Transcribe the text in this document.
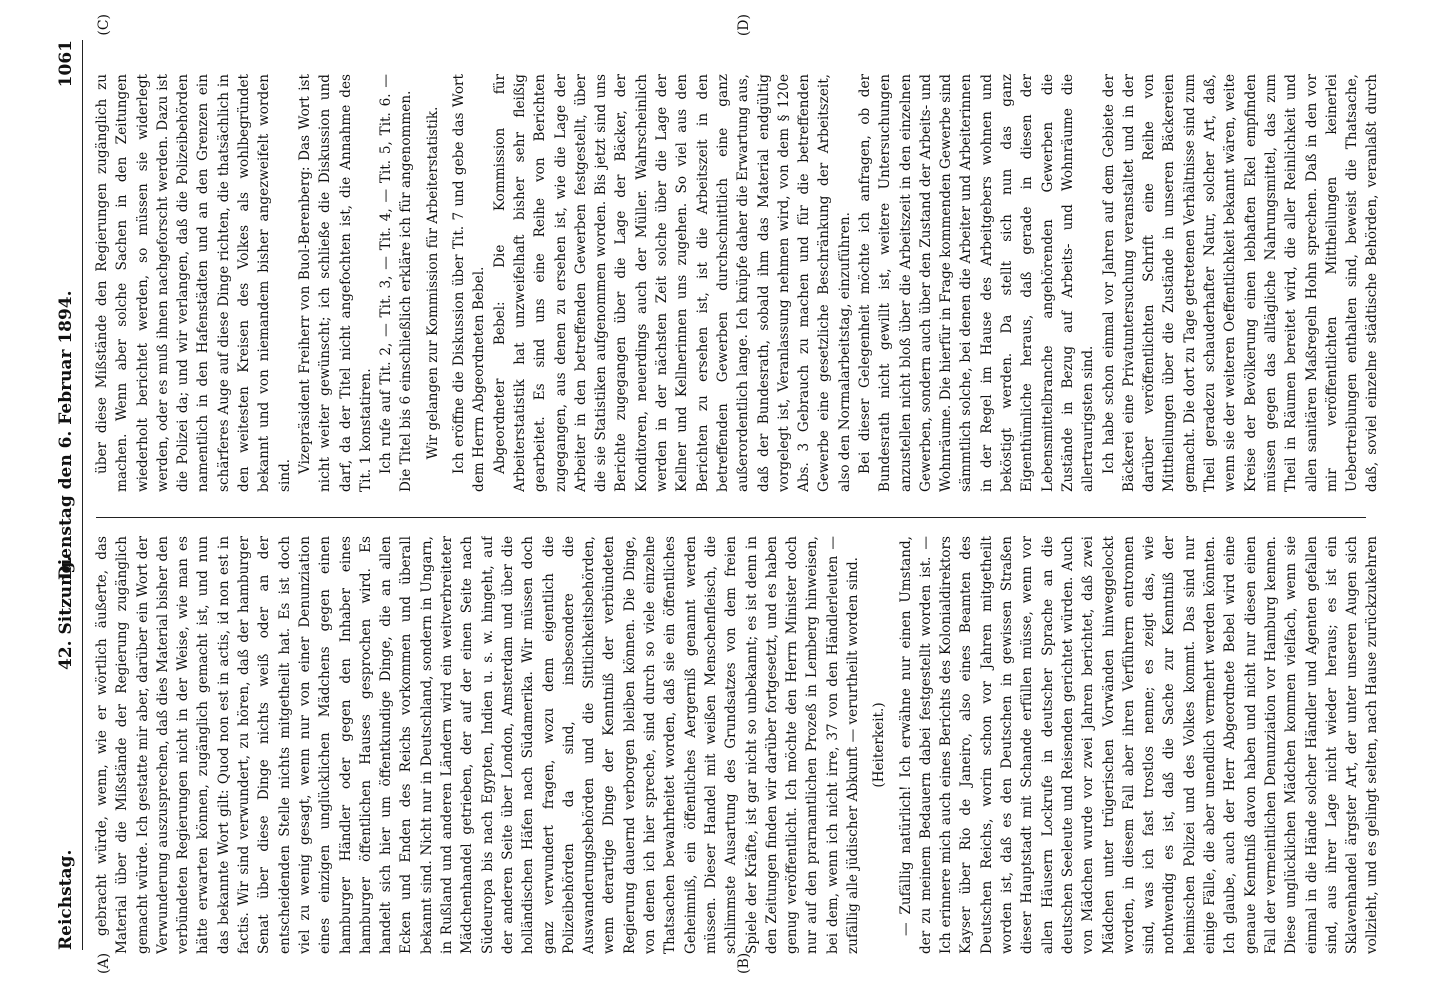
Reichstag.
42. Sitzung.
Dienstag den 6. Februar 1894.
1061
(A)	(B)

gebracht würde, wenn, wie er wörtlich äußerte, das Material über die Mißstände der Regierung zugänglich gemacht würde. Ich gestatte mir aber, darüber ein Wort der Verwunderung auszusprechen, daß dies Material bisher den verbündeten Regierungen nicht in der Weise, wie man es hätte erwarten können, zugänglich gemacht ist, und nun das bekannte Wort gilt: Quod non est in actis, id non est in factis. Wir sind verwundert, zu hören, daß der hamburger Senat über diese Dinge nichts weiß oder an der entscheidenden Stelle nichts mitgetheilt hat. Es ist doch viel zu wenig gesagt, wenn nur von einer Denunziation eines einzigen unglücklichen Mädchens gegen einen hamburger Händler oder gegen den Inhaber eines hamburger öffentlichen Hauses gesprochen wird. Es handelt sich hier um öffentkundige Dinge, die an allen Ecken und Enden des Reichs vorkommen und überall bekannt sind. Nicht nur in Deutschland, sondern in Ungarn, in Rußland und anderen Ländern wird ein weitverbreiteter Mädchenhandel getrieben, der auf der einen Seite nach Südeuropa bis nach Egypten, Indien u. s. w. hingeht, auf der anderen Seite über London, Amsterdam und über die holländischen Häfen nach Südamerika. Wir müssen doch ganz verwundert fragen, wozu denn eigentlich die Polizeibehörden da sind, insbesondere die Auswanderungsbehörden und die Sittlichkeitsbehörden, wenn derartige Dinge der Kenntniß der verbündeten Regierung dauernd verborgen bleiben können. Die Dinge, von denen ich hier spreche, sind durch so viele einzelne Thatsachen bewahrheitet worden, daß sie ein öffentliches Geheimniß, ein öffentliches Aergerniß genannt werden müssen. Dieser Handel mit weißen Menschenfleisch, die schlimmste Ausartung des Grundsatzes von dem freien Spiele der Kräfte, ist gar nicht so unbekannt; es ist denn in den Zeitungen finden wir darüber fortgesetzt, und es haben genug veröffentlicht. Ich möchte den Herrn Minister doch nur auf den prarnamtlichen Prozeß in Lemberg hinweisen, bei dem, wenn ich nicht irre, 37 von den Händlerleuten — zufällig alle jüdischer Abkunft — verurtheilt worden sind. (Heiterkeit.)

— Zufällig natürlich! Ich erwähne nur einen Umstand, der zu meinem Bedauern dabei festgestellt worden ist. — Ich erinnere mich auch eines Berichts des Kolonialdirektors Kayser über Rio de Janeiro, also eines Beamten des Deutschen Reichs, worin schon vor Jahren mitgetheilt worden ist, daß es den Deutschen in gewissen Straßen dieser Hauptstadt mit Schande erfüllen müsse, wenn vor allen Häusern Lockrufe in deutscher Sprache an die deutschen Seeleute und Reisenden gerichtet würden. Auch von Mädchen wurde vor zwei Jahren berichtet, daß zwei Mädchen unter trügerischen Vorwänden hinweggelockt worden, in diesem Fall aber ihren Verführern entronnen sind, was ich fast trostlos nenne; es zeigt das, wie nothwendig es ist, daß die Sache zur Kenntniß der heimischen Polizei und des Volkes kommt. Das sind nur einige Fälle, die aber unendlich vermehrt werden könnten. Ich glaube, auch der Herr Abgeordnete Bebel wird eine genaue Kenntniß davon haben und nicht nur diesen einen Fall der vermeintlichen Denunziation vor Hamburg kennen. Diese unglücklichen Mädchen kommen vielfach, wenn sie einmal in die Hände solcher Händler und Agenten gefallen sind, aus ihrer Lage nicht wieder heraus; es ist ein Sklavenhandel ärgster Art, der unter unseren Augen sich vollzieht, und es gelingt selten, nach Hause zurückzukehren

über diese Mißstände den Regierungen zugänglich zu machen. Wenn aber solche Sachen in den Zeitungen wiederholt berichtet werden, so müssen sie widerlegt werden, oder es muß ihnen nachgeforscht werden. Dazu ist die Polizei da; und wir verlangen, daß die Polizeibehörden namentlich in den Hafenstädten und an den Grenzen ein schärferes Auge auf diese Dinge richten, die thatsächlich in den weitesten Kreisen des Volkes als wohlbegründet bekannt und von niemandem bisher angezweifelt worden sind.

Vizepräsident Freiherr von Buol-Berenberg: Das Wort ist nicht weiter gewünscht; ich schließe die Diskussion und darf, da der Titel nicht angefochten ist, die Annahme des Tit. 1 konstatiren. Ich rufe auf Tit. 2, — Tit. 3, — Tit. 4, — Tit. 5, Tit. 6. — Die Titel bis 6 einschließlich erkläre ich für angenommen. Wir gelangen zur Kommission für Arbeiterstatistik. Ich eröffne die Diskussion über Tit. 7 und gebe das Wort dem Herrn Abgeordneten Bebel. Abgeordneter Bebel: Die Kommission für Arbeiterstatistik hat unzweifelhaft bisher sehr fleißig gearbeitet. Es sind uns eine Reihe von Berichten zugegangen, aus denen zu ersehen ist, wie die Lage der Arbeiter in den betreffenden Gewerben festgestellt, über die sie Statistiken aufgenommen worden. Bis jetzt sind uns Berichte zugegangen über die Lage der Bäcker, der Konditoren, neuerdings auch der Müller. Wahrscheinlich werden in der nächsten Zeit solche über die Lage der Kellner und Kellnerinnen uns zugehen. So viel aus den Berichten zu ersehen ist, ist die Arbeitszeit in den betreffenden Gewerben durchschnittlich eine ganz außerordentlich lange. Ich knüpfe daher die Erwartung aus, daß der Bundesrath, sobald ihm das Material endgültig vorgelegt ist, Veranlassung nehmen wird, von dem § 120e Abs. 3 Gebrauch zu machen und für die betreffenden Gewerbe eine gesetzliche Beschränkung der Arbeitszeit, also den Normalarbeitstag, einzuführen. Bei dieser Gelegenheit möchte ich anfragen, ob der Bundesrath nicht gewillt ist, weitere Untersuchungen anzustellen nicht bloß über die Arbeitszeit in den einzelnen Gewerben, sondern auch über den Zustand der Arbeits- und Wohnräume. Die hierfür in Frage kommenden Gewerbe sind sämmtlich solche, bei denen die Arbeiter und Arbeiterinnen in der Regel im Hause des Arbeitgebers wohnen und beköstigt werden. Da stellt sich nun das ganz Eigenthümliche heraus, daß gerade in diesen der Lebensmittelbranche angehörenden Gewerben die Zustände in Bezug auf Arbeits- und Wohnräume die allertraurigsten sind. Ich habe schon einmal vor Jahren auf dem Gebiete der Bäckerei eine Privatuntersuchung veranstaltet und in der darüber veröffentlichten Schrift eine Reihe von Mittheilungen über die Zustände in unseren Bäckereien gemacht. Die dort zu Tage getretenen Verhältnisse sind zum Theil geradezu schauderhafter Natur, solcher Art, daß, wenn sie der weiteren Oeffentlichkeit bekannt wären, weite Kreise der Bevölkerung einen lebhaften Ekel empfinden müssen gegen das alltägliche Nahrungsmittel, das zum Theil in Räumen bereitet wird, die aller Reinlichkeit und allen sanitären Maßregeln Hohn sprechen. Daß in den vor mir veröffentlichten Mittheilungen keinerlei Uebertreibungen enthalten sind, beweist die Thatsache, daß, soviel einzelne städtische Behörden, veranlaßt durch

(C)	(D)
